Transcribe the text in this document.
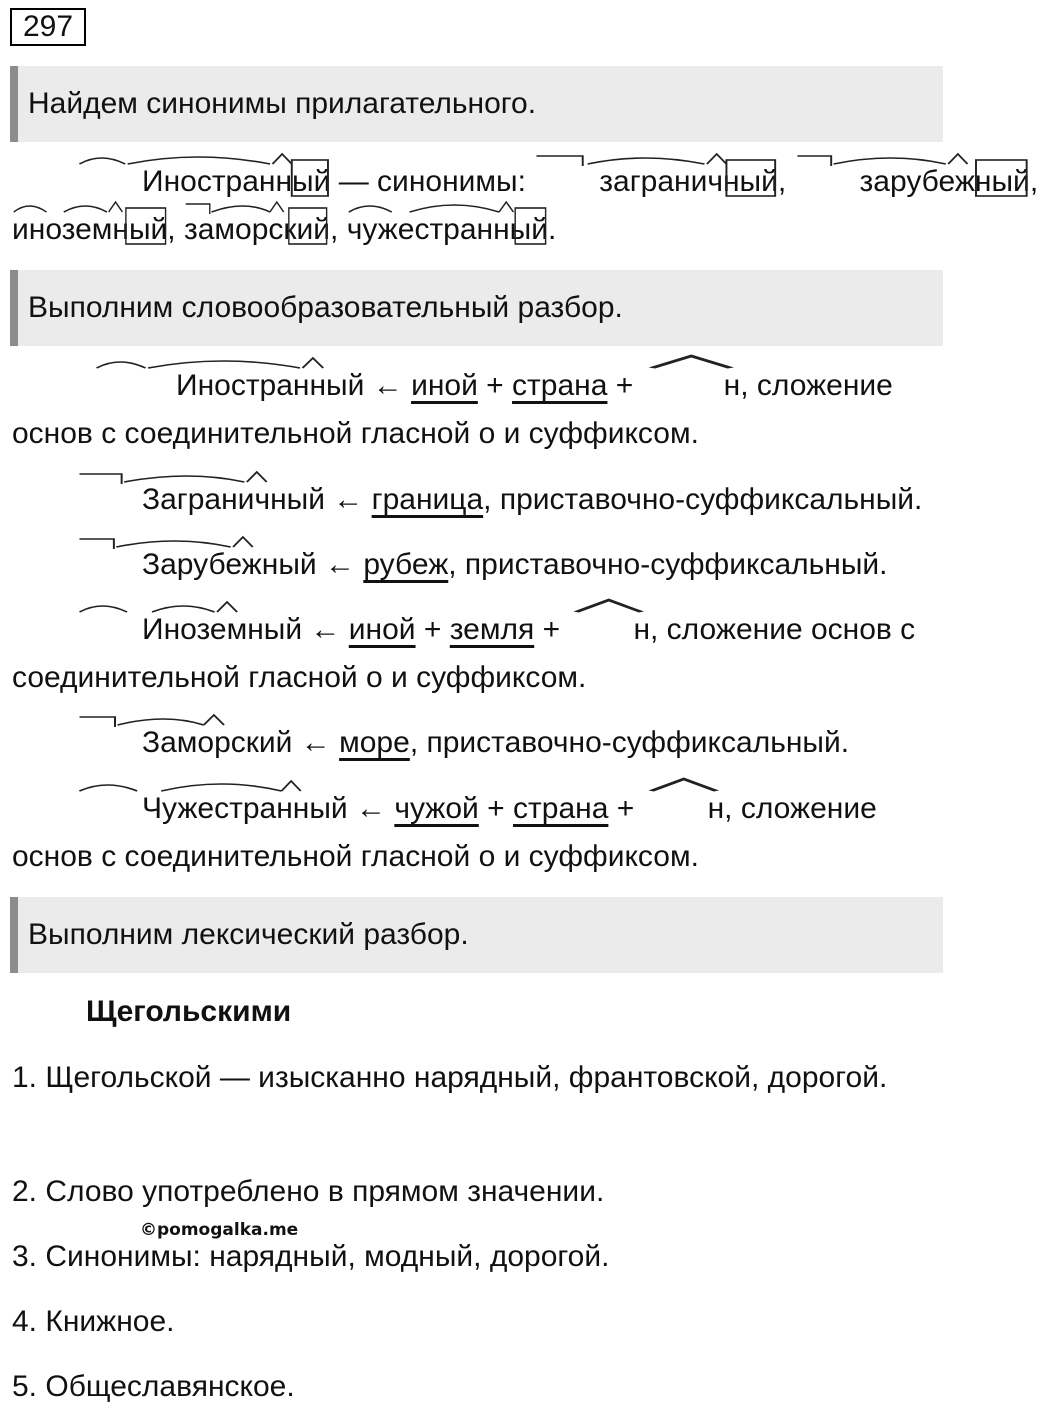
297
Найдем синонимы прилагательного.
Иностранный
— синонимы: заграничный
, зарубежный
,
иноземный
, заморский
, чужестранный
.
Выполним словообразовательный разбор.
Иностранный
← иной + страна +	н
, сложение основ с соединительной гласной о и суффиксом.
Заграничный
← граница, приставочно-суффиксальный.
Зарубежный
← рубеж, приставочно-суффиксальный.
Иноземный
← иной + земля + н
, сложение основ с соединительной гласной о и суффиксом.
Заморский
← море, приставочно-суффиксальный.
Чужестранный
← чужой + страна + н
, сложение основ с соединительной гласной о и суффиксом.
Выполним лексический разбор.
Щегольскими
1. Щегольской — изысканно нарядный, франтовской, дорогой.
2. Слово употреблено в прямом значении.
©pomogalka.me
3. Синонимы: нарядный, модный, дорогой.
4. Книжное.
5. Общеславянское.
